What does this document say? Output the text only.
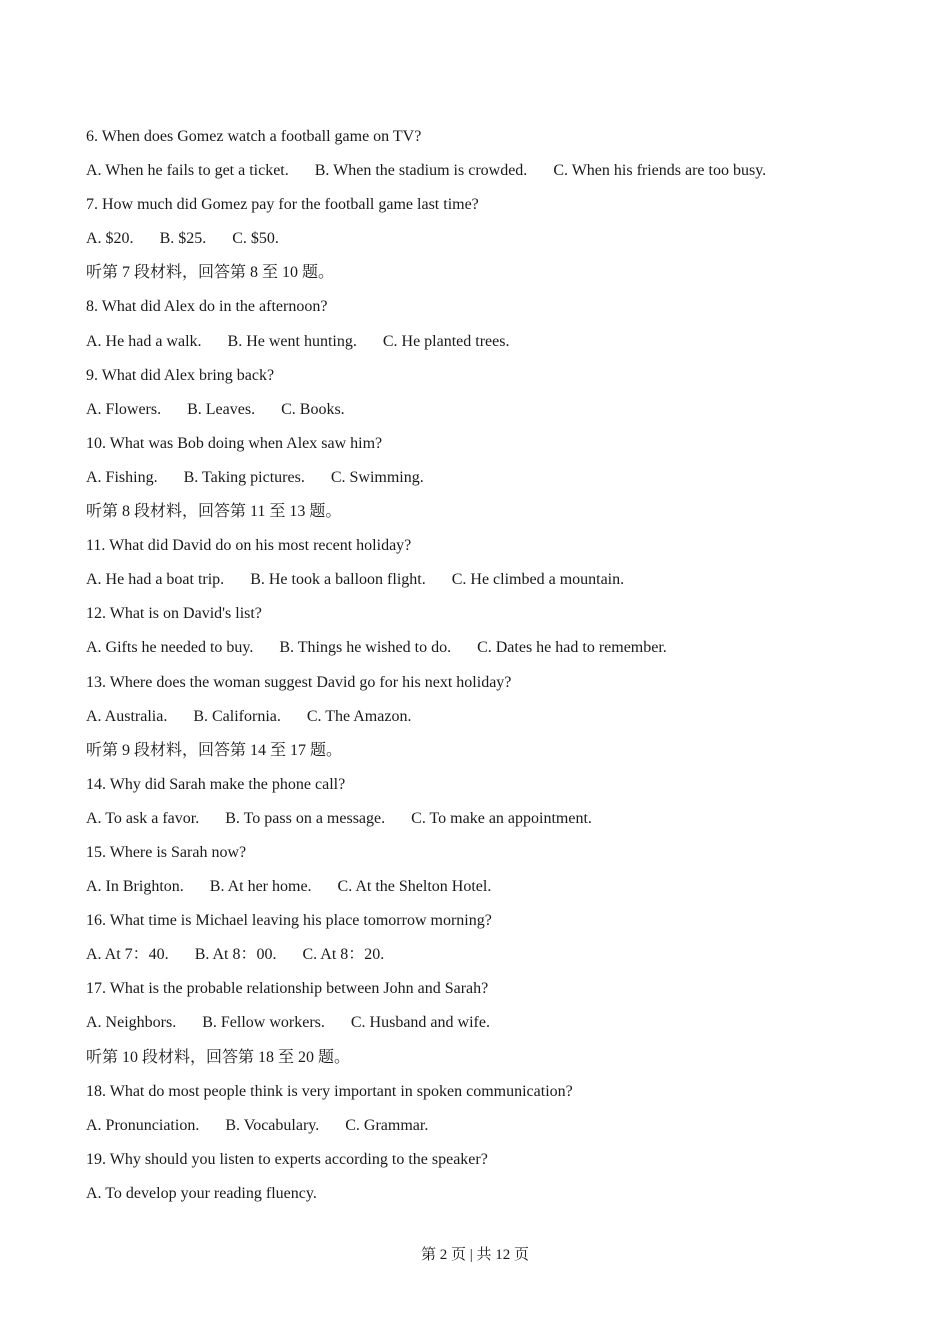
6. When does Gomez watch a football game on TV?
A. When he fails to get a ticket. B. When the stadium is crowded. C. When his friends are too busy.
7. How much did Gomez pay for the football game last time?
A. $20. B. $25. C. $50.
听第 7 段材料，回答第 8 至 10 题。
8. What did Alex do in the afternoon?
A. He had a walk. B. He went hunting. C. He planted trees.
9. What did Alex bring back?
A. Flowers. B. Leaves. C. Books.
10. What was Bob doing when Alex saw him?
A. Fishing. B. Taking pictures. C. Swimming.
听第 8 段材料，回答第 11 至 13 题。
11. What did David do on his most recent holiday?
A. He had a boat trip. B. He took a balloon flight. C. He climbed a mountain.
12. What is on David's list?
A. Gifts he needed to buy. B. Things he wished to do. C. Dates he had to remember.
13. Where does the woman suggest David go for his next holiday?
A. Australia. B. California. C. The Amazon.
听第 9 段材料，回答第 14 至 17 题。
14. Why did Sarah make the phone call?
A. To ask a favor. B. To pass on a message. C. To make an appointment.
15. Where is Sarah now?
A. In Brighton. B. At her home. C. At the Shelton Hotel.
16. What time is Michael leaving his place tomorrow morning?
A. At 7：40. B. At 8：00. C. At 8：20.
17. What is the probable relationship between John and Sarah?
A. Neighbors. B. Fellow workers. C. Husband and wife.
听第 10 段材料，回答第 18 至 20 题。
18. What do most people think is very important in spoken communication?
A. Pronunciation. B. Vocabulary. C. Grammar.
19. Why should you listen to experts according to the speaker?
A. To develop your reading fluency.
第 2 页 | 共 12 页
